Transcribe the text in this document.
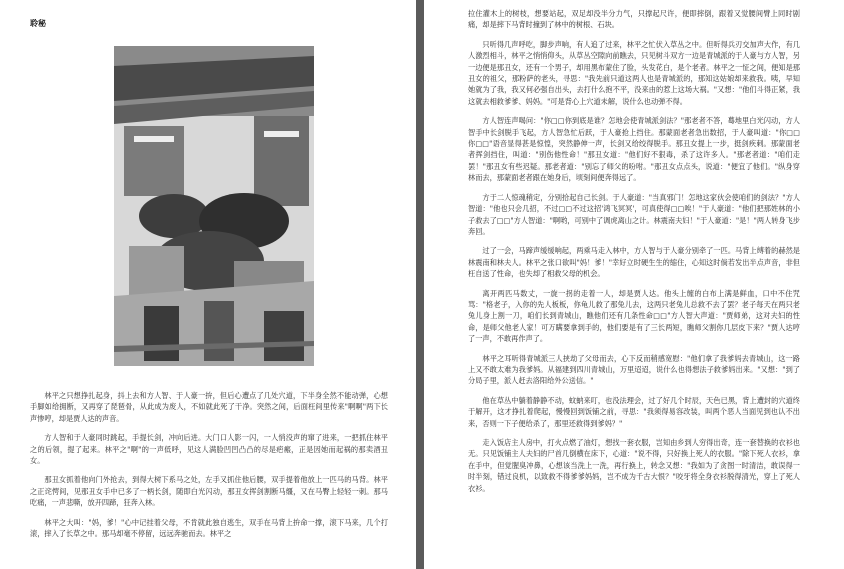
聆秘

林平之只想挣扎起身，抖上去和方人智、于人豪一拚，但后心遭点了几处穴道，下半身全然不能动弹，心想手脚如给拥断，又再穿了琵琶骨，从此成为废人，不如就此死了干净。突然之间，后面枉间里传来"啊啊"两下长声惨哼，却是贾人达的声音。

方人智和于人豪同时跳起，手提长剑，冲向后进。大门口人影一闪，一人悄没声的窜了进来，一把抓住林平之的后领，提了起来。林平之"啊"的一声低呼，见这人满脸凹凹凸凸的尽是疤瘢，正是因她而起祸的那卖酒丑女。

那丑女抓着他向门外抢去，到得大树下系马之处，左手又抓住他后腰，双手提着他放上一匹马的马背。林平之正诧愕间，见那丑女手中已多了一柄长剑，随即白光闪动，那丑女挥剑割断马缰，又在马臀上轻轻一刺。那马吃痛，一声悲嘶，放开四蹄，狂奔入林。

林平之大叫："妈，爹！"心中记挂着父母，不肯就此独自逃生，双手在马背上拚命一撑，滚下马来，几个打滚，摔入了长草之中。那马却毫不停留，远远奔驰而去。林平之

拉住灌木上的树枝，想要站起，双足却没半分力气，只撑起尺许，便即摔倒，跟着又觉腰间臂上同时剧痛，却是摔下马背时撞到了林中的树根、石块。

只听得几声呼吃，脚步声响，有人追了过来，林平之忙伏入草丛之中。但听得兵刃交加声大作，有几人激烈相斗，林平之悄悄仰头，从草丛空隙向前瞧去，只见树斗双方一边是青城派的于人豪与方人智，另一边便是那丑女，还有一个男子，却用黑布蒙住了脸，头发花白，是个老者。林平之一怔之间，便知是那丑女的祖父，那粉萨的老头，寻思："我先前只道这两人也是青城派的，那知这姑娘却来救我。咦，早知她就为了我，我又何必强自出头，去打什么抱不平，没来由的惹上这场大祸。"又想："他们斗得正紧，我这就去相救爹爹、妈妈。"可是背心上穴道未解，说什么也动弹不得。

方人智连声喝问："你□□你到底是谁？怎地会使青城派剑法？"那老者不答，蓦地里白光闪动，方人智手中长剑脱手飞起，方人智急忙后跃，于人豪抢上挡住。那蒙面老者急出数招，于人豪叫道："你□□你□□"语音显得甚是惊惶，突然静伸一声，长剑又给绞得脱手。那丑女提上一步，挺剑疾刺。那蒙面老者挥剑挡住，叫道："别伤他性命！"那丑女道："他们好不狠毒，杀了这许多人。"那老者道："咱们走罢！"那丑女有些迟疑。那老者道："别忘了师父的吩咐。"那丑女点点头，说道："便宜了他们。"纵身穿林而去，那蒙面老者跟在她身后，顷刻间便奔得远了。

方于二人惊魂稍定，分别拾起自己长剑。于人豪道："当真邪门！怎地这家伙会使咱们的剑法？"方人智道："他也只会几招，不过□□不过这招'鸿飞冥冥'，可真使得□□唉！"于人豪道："他们把那姓林的小子救去了□□"方人智道："啊哟，可别中了调虎离山之计。林震南夫妇！"于人豪道："是！"两人转身飞步奔回。

过了一会，马蹄声缓缓响起，两乘马走入林中，方人智与于人豪分别牵了一匹。马背上缚着的赫然是林震南和林夫人。林平之张口欲叫"妈！爹！"幸好立时硬生生的缩住，心知这时倘若发出半点声音，非但枉自送了性命，也失却了相救父母的机会。

离开两匹马数丈，一旋一拐的走着一人，却是贾人达。他头上缠的白布上满是鲜血，口中不住咒骂："格老子，入你的先人板板，你龟儿救了那兔儿去，这两只老兔儿总救不去了罢？老子每天在两只老兔儿身上割一刀，咱们长到青城山，瞧他们还有几条性命□□"方人智大声道："贾师弟，这对夫妇的性命，是师父他老人家！可万瞒要拿到手的，他们要是有了三长两短，瞧师父割你几层皮下来？"贾人达哼了一声，不敢再作声了。

林平之耳听得青城派三人挟劫了父母而去，心下反而稍感宽慰："他们拿了我爹妈去青城山，这一路上又不敢太难为我爹妈。从福建到四川青城山，万里迢迢，说什么也得想法子救爹妈出来。"又想："到了分局子里，派人赶去洛阳给外公送信。"

他在草丛中躺着静静不动，蚊蚋来叮，也没法理会，过了好几个时辰，天色已黑，背上遭封的穴道终于解开，这才挣扎着爬起，慢慢回到饭铺之前，寻思："我须得易容改装，叫两个恶人当面见到也认不出来，否则一下子便给杀了，那里还救得到爹妈？"

走入饭店主人房中，打火点燃了油灯，想找一套衣服，岂知由乡到人穷得出奇，连一套替换的衣衫也无。只见饭铺主人夫妇的尸首几倒横在床下，心道："说不得，只好换上死人的衣服。"除下死人衣衫，拿在手中，但觉腥臭冲鼻，心想该当洗上一洗，再行换上，转念又想："我如为了贪图一时清洁，敢误得一时半刻，错过良机，以致救不得爹爹妈妈，岂不成为千古大恨？"咬牙将全身衣衫脱得清光，穿上了死人衣衫。
